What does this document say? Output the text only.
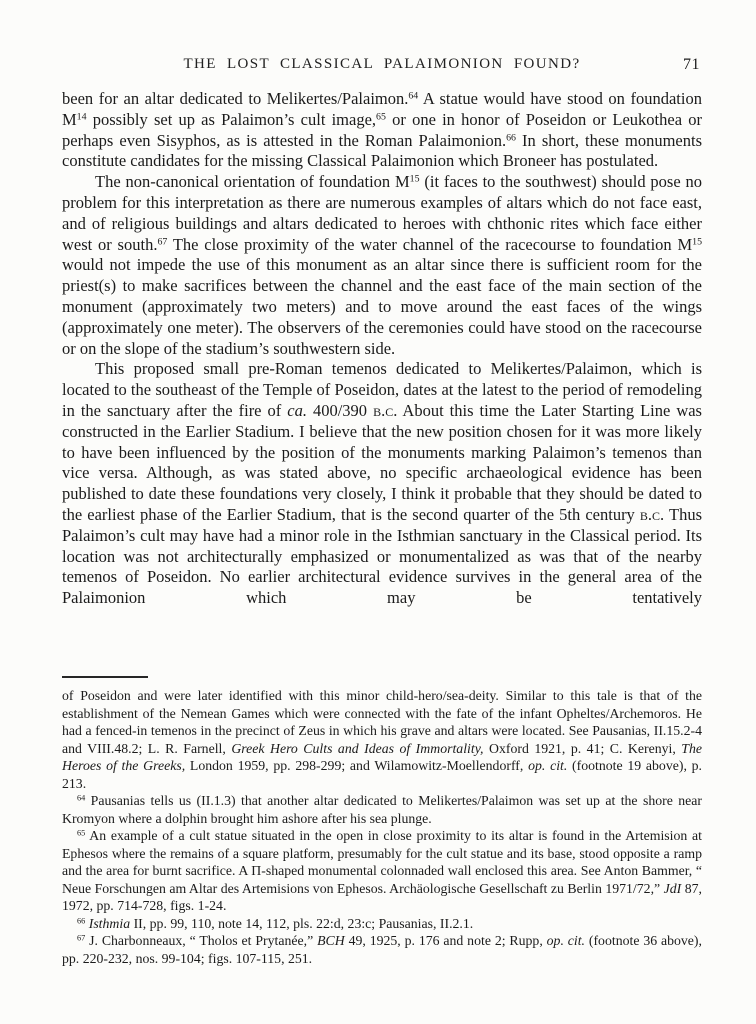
THE LOST CLASSICAL PALAIMONION FOUND?	71

been for an altar dedicated to Melikertes/Palaimon.$^{64}$ A statue would have stood on foundation $M^{14}$ possibly set up as Palaimon’s cult image,$^{65}$ or one in honor of Poseidon or Leukothea or perhaps even Sisyphos, as is attested in the Roman Palaimonion.$^{66}$ In short, these monuments constitute candidates for the missing Classical Palaimonion which Broneer has postulated.

The non-canonical orientation of foundation $M^{15}$ (it faces to the southwest) should pose no problem for this interpretation as there are numerous examples of altars which do not face east, and of religious buildings and altars dedicated to heroes with chthonic rites which face either west or south.$^{67}$ The close proximity of the water channel of the racecourse to foundation $M^{15}$ would not impede the use of this monument as an altar since there is sufficient room for the priest(s) to make sacrifices between the channel and the east face of the main section of the monument (approximately two meters) and to move around the east faces of the wings (approximately one meter). The observers of the ceremonies could have stood on the racecourse or on the slope of the stadium’s southwestern side.

This proposed small pre-Roman temenos dedicated to Melikertes/Palaimon, which is located to the southeast of the Temple of Poseidon, dates at the latest to the period of remodeling in the sanctuary after the fire of ca. 400/390 b.c. About this time the Later Starting Line was constructed in the Earlier Stadium. I believe that the new position chosen for it was more likely to have been influenced by the position of the monuments marking Palaimon’s temenos than vice versa. Although, as was stated above, no specific archaeological evidence has been published to date these foundations very closely, I think it probable that they should be dated to the earliest phase of the Earlier Stadium, that is the second quarter of the 5th century b.c. Thus Palaimon’s cult may have had a minor role in the Isthmian sanctuary in the Classical period. Its location was not architecturally emphasized or monumentalized as was that of the nearby temenos of Poseidon. No earlier architectural evidence survives in the general area of the Palaimonion which may be tentatively

of Poseidon and were later identified with this minor child-hero/sea-deity. Similar to this tale is that of the establishment of the Nemean Games which were connected with the fate of the infant Opheltes/Archemoros. He had a fenced-in temenos in the precinct of Zeus in which his grave and altars were located. See Pausanias, II.15.2-4 and VIII.48.2; L. R. Farnell, Greek Hero Cults and Ideas of Immortality, Oxford 1921, p. 41; C. Kerenyi, The Heroes of the Greeks, London 1959, pp. 298-299; and Wilamowitz-Moellendorff, op. cit. (footnote 19 above), p. 213.

$^{64}$ Pausanias tells us (II.1.3) that another altar dedicated to Melikertes/Palaimon was set up at the shore near Kromyon where a dolphin brought him ashore after his sea plunge.

$^{65}$ An example of a cult statue situated in the open in close proximity to its altar is found in the Artemision at Ephesos where the remains of a square platform, presumably for the cult statue and its base, stood opposite a ramp and the area for burnt sacrifice. A Π-shaped monumental colonnaded wall enclosed this area. See Anton Bammer, “ Neue Forschungen am Altar des Artemisions von Ephesos. Archäologische Gesellschaft zu Berlin 1971/72,” JdI 87, 1972, pp. 714-728, figs. 1-24.

$^{66}$ Isthmia II, pp. 99, 110, note 14, 112, pls. 22:d, 23:c; Pausanias, II.2.1.

$^{67}$ J. Charbonneaux, “ Tholos et Prytanée,” BCH 49, 1925, p. 176 and note 2; Rupp, op. cit. (footnote 36 above), pp. 220-232, nos. 99-104; figs. 107-115, 251.
